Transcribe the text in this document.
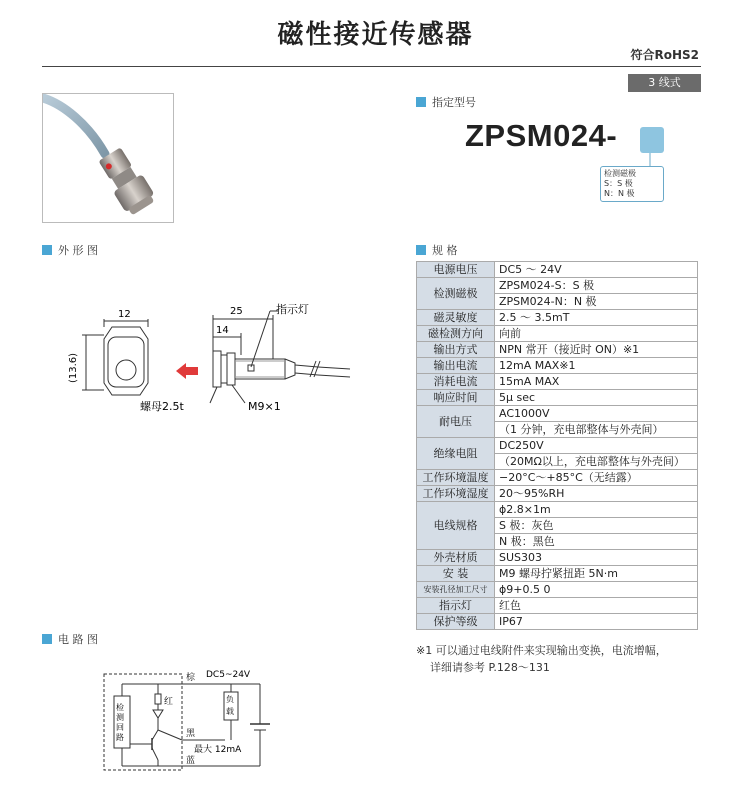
磁性接近传感器
符合RoHS2
3 线式
指定型号
ZPSM024-
检测磁极
S：S 极
N：N 极
外 形 图
12
(13.6)
25
14
指示灯
螺母2.5t	M9×1
规 格
电源电压	DC5 ～ 24V
检测磁极	ZPSM024-S：S 极
	ZPSM024-N：N 极
磁灵敏度	2.5 ～ 3.5mT
磁检测方向	向前
输出方式	NPN 常开（接近时 ON）※1
输出电流	12mA MAX※1
消耗电流	15mA MAX
响应时间	5μ sec
耐电压	AC1000V
	（1 分钟，充电部整体与外壳间）
绝缘电阻	DC250V
	（20MΩ以上，充电部整体与外壳间）
工作环境温度	−20°C～+85°C（无结露）
工作环境湿度	20～95%RH
电线规格	ϕ2.8×1m
	S 极：灰色
	N 极：黑色
外壳材质	SUS303
安 装	M9 螺母拧紧扭距 5N·m
安装孔径加工尺寸	ϕ9+0.5 0
指示灯	红色
保护等级	IP67
※1 可以通过电线附件来实现输出变换，电流增幅，
详细请参考 P.128～131
电 路 图
负
载
检
测
回
路
棕 DC5~24V
红
黑
最大 12mA
蓝
